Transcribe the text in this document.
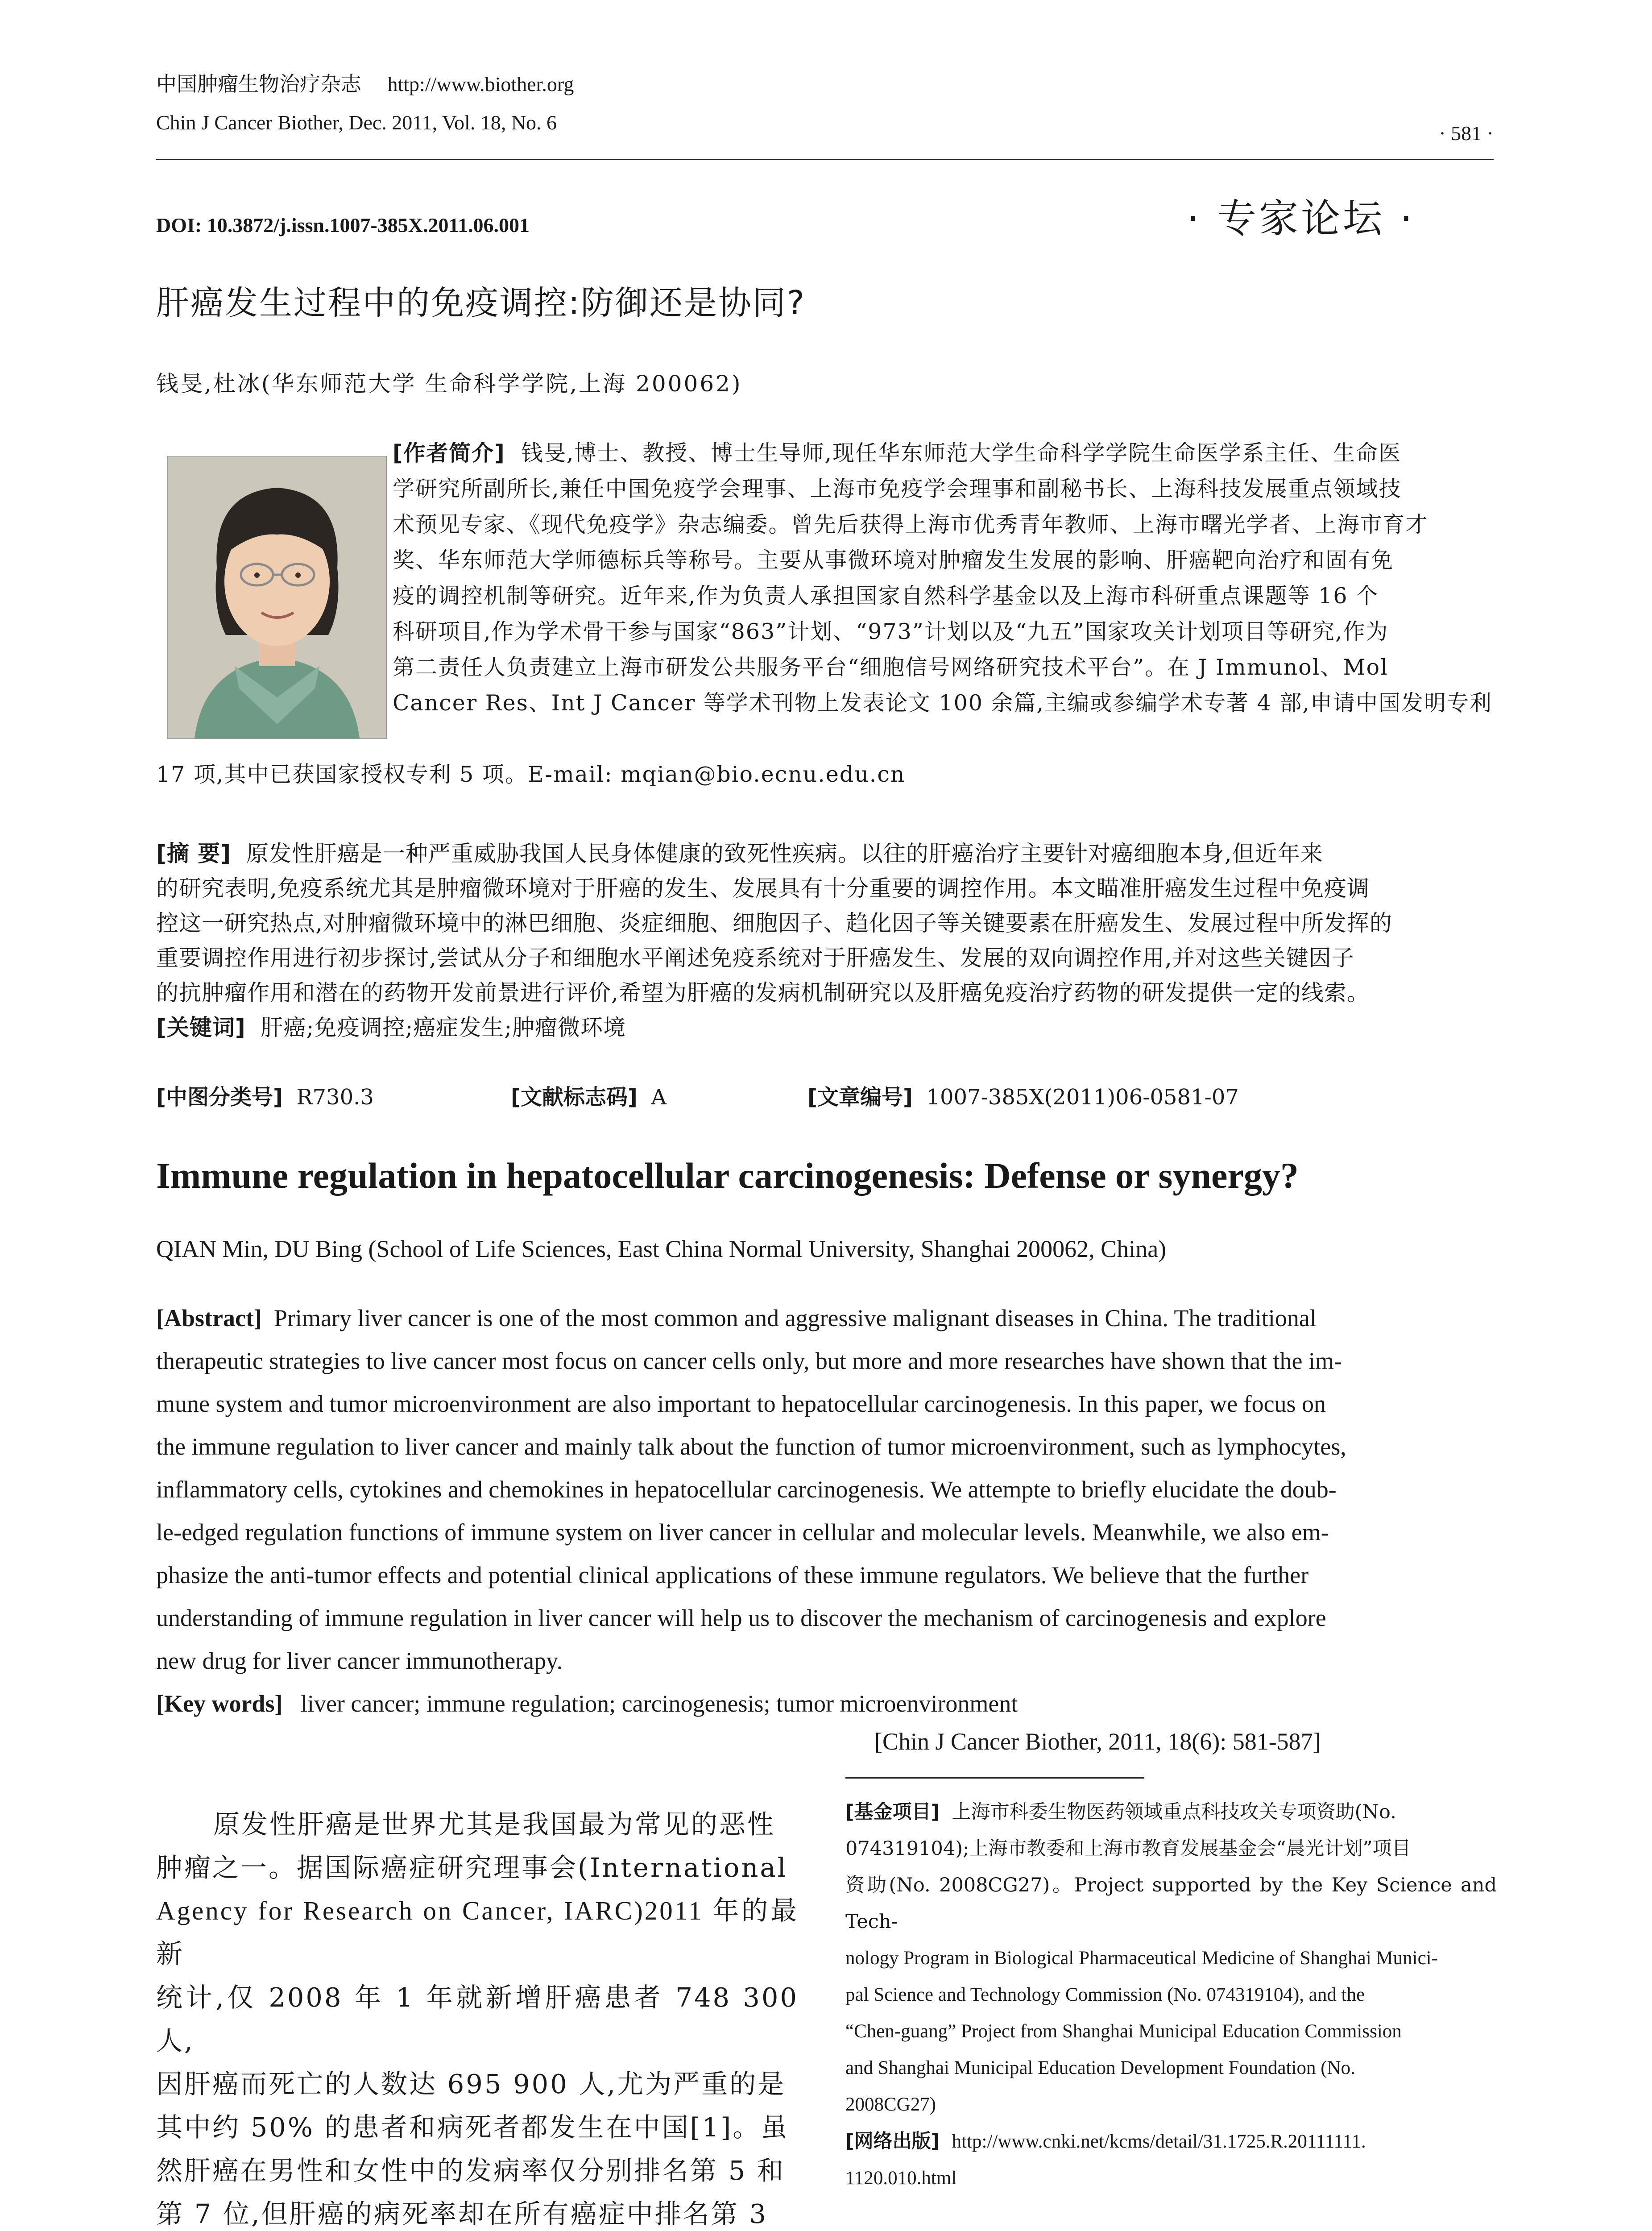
中国肿瘤生物治疗杂志 http://www.biother.org
Chin J Cancer Biother, Dec. 2011, Vol. 18, No. 6	· 581 ·
DOI: 10.3872/j.issn.1007-385X.2011.06.001	· 专家论坛 ·
肝癌发生过程中的免疫调控:防御还是协同?
钱旻,杜冰(华东师范大学 生命科学学院,上海 200062)

[作者简介] 钱旻,博士、教授、博士生导师,现任华东师范大学生命科学学院生命医学系主任、生命医

学研究所副所长,兼任中国免疫学会理事、上海市免疫学会理事和副秘书长、上海科技发展重点领域技

术预见专家、《现代免疫学》杂志编委。曾先后获得上海市优秀青年教师、上海市曙光学者、上海市育才

奖、华东师范大学师德标兵等称号。主要从事微环境对肿瘤发生发展的影响、肝癌靶向治疗和固有免

疫的调控机制等研究。近年来,作为负责人承担国家自然科学基金以及上海市科研重点课题等 16 个

科研项目,作为学术骨干参与国家“863”计划、“973”计划以及“九五”国家攻关计划项目等研究,作为

第二责任人负责建立上海市研发公共服务平台“细胞信号网络研究技术平台”。在 J Immunol、Mol

Cancer Res、Int J Cancer 等学术刊物上发表论文 100 余篇,主编或参编学术专著 4 部,申请中国发明专利

17 项,其中已获国家授权专利 5 项。E-mail: mqian@bio.ecnu.edu.cn

[摘 要] 原发性肝癌是一种严重威胁我国人民身体健康的致死性疾病。以往的肝癌治疗主要针对癌细胞本身,但近年来

的研究表明,免疫系统尤其是肿瘤微环境对于肝癌的发生、发展具有十分重要的调控作用。本文瞄准肝癌发生过程中免疫调

控这一研究热点,对肿瘤微环境中的淋巴细胞、炎症细胞、细胞因子、趋化因子等关键要素在肝癌发生、发展过程中所发挥的

重要调控作用进行初步探讨,尝试从分子和细胞水平阐述免疫系统对于肝癌发生、发展的双向调控作用,并对这些关键因子

的抗肿瘤作用和潜在的药物开发前景进行评价,希望为肝癌的发病机制研究以及肝癌免疫治疗药物的研发提供一定的线索。

[关键词] 肝癌;免疫调控;癌症发生;肿瘤微环境

[中图分类号] R730.3	[文献标志码] A	[文章编号] 1007-385X(2011)06-0581-07
Immune regulation in hepatocellular carcinogenesis: Defense or synergy?
QIAN Min, DU Bing (School of Life Sciences, East China Normal University, Shanghai 200062, China)

[Abstract] Primary liver cancer is one of the most common and aggressive malignant diseases in China. The traditional

therapeutic strategies to live cancer most focus on cancer cells only, but more and more researches have shown that the im-

mune system and tumor microenvironment are also important to hepatocellular carcinogenesis. In this paper, we focus on

the immune regulation to liver cancer and mainly talk about the function of tumor microenvironment, such as lymphocytes,

inflammatory cells, cytokines and chemokines in hepatocellular carcinogenesis. We attempte to briefly elucidate the doub-

le-edged regulation functions of immune system on liver cancer in cellular and molecular levels. Meanwhile, we also em-

phasize the anti-tumor effects and potential clinical applications of these immune regulators. We believe that the further

understanding of immune regulation in liver cancer will help us to discover the mechanism of carcinogenesis and explore

new drug for liver cancer immunotherapy.

[Key words] liver cancer; immune regulation; carcinogenesis; tumor microenvironment
[Chin J Cancer Biother, 2011, 18(6): 581-587]

原发性肝癌是世界尤其是我国最为常见的恶性

肿瘤之一。据国际癌症研究理事会(International

Agency for Research on Cancer, IARC)2011 年的最新

统计,仅 2008 年 1 年就新增肝癌患者 748 300 人,

因肝癌而死亡的人数达 695 900 人,尤为严重的是

其中约 50% 的患者和病死者都发生在中国[1]。虽

然肝癌在男性和女性中的发病率仅分别排名第 5 和

第 7 位,但肝癌的病死率却在所有癌症中排名第 3

[基金项目] 上海市科委生物医药领域重点科技攻关专项资助(No.

074319104);上海市教委和上海市教育发展基金会“晨光计划”项目

资助(No. 2008CG27)。Project supported by the Key Science and Tech-

nology Program in Biological Pharmaceutical Medicine of Shanghai Munici-

pal Science and Technology Commission (No. 074319104), and the

“Chen-guang” Project from Shanghai Municipal Education Commission

and Shanghai Municipal Education Development Foundation (No.

2008CG27)

[网络出版] http://www.cnki.net/kcms/detail/31.1725.R.20111111.

1120.010.html
